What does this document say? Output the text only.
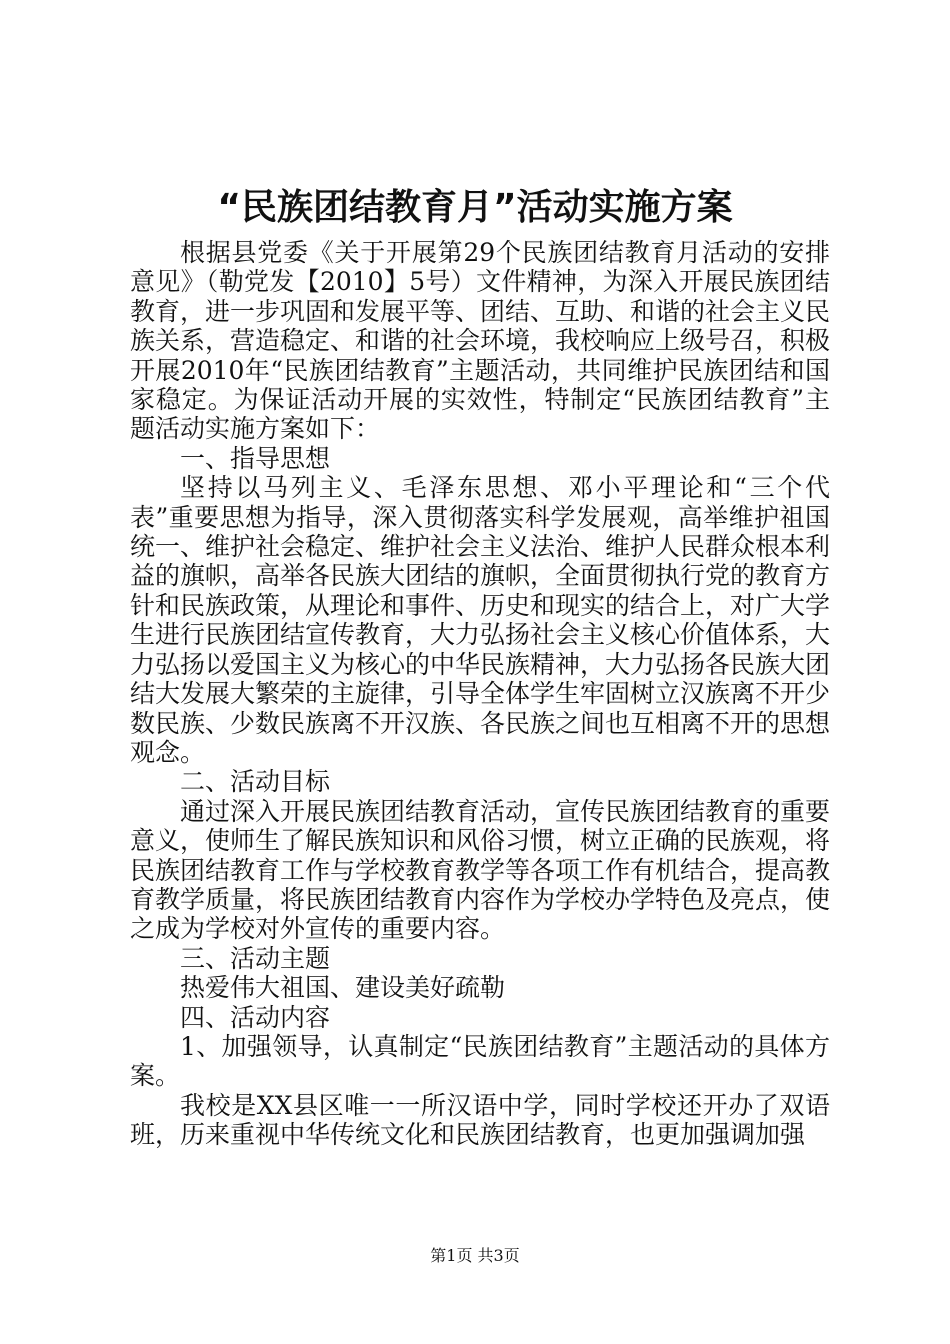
“民族团结教育月”活动实施方案

根据县党委《关于开展第29个民族团结教育月活动的安排意见》（勒党发【2010】5号）文件精神，为深入开展民族团结教育，进一步巩固和发展平等、团结、互助、和谐的社会主义民族关系，营造稳定、和谐的社会环境，我校响应上级号召，积极开展2010年“民族团结教育”主题活动，共同维护民族团结和国家稳定。为保证活动开展的实效性，特制定“民族团结教育”主题活动实施方案如下：

一、指导思想

坚持以马列主义、毛泽东思想、邓小平理论和“三个代表”重要思想为指导，深入贯彻落实科学发展观，高举维护祖国统一、维护社会稳定、维护社会主义法治、维护人民群众根本利益的旗帜，高举各民族大团结的旗帜，全面贯彻执行党的教育方针和民族政策，从理论和事件、历史和现实的结合上，对广大学生进行民族团结宣传教育，大力弘扬社会主义核心价值体系，大力弘扬以爱国主义为核心的中华民族精神，大力弘扬各民族大团结大发展大繁荣的主旋律，引导全体学生牢固树立汉族离不开少数民族、少数民族离不开汉族、各民族之间也互相离不开的思想观念。

二、活动目标

通过深入开展民族团结教育活动，宣传民族团结教育的重要意义，使师生了解民族知识和风俗习惯，树立正确的民族观，将民族团结教育工作与学校教育教学等各项工作有机结合，提高教育教学质量，将民族团结教育内容作为学校办学特色及亮点，使之成为学校对外宣传的重要内容。

三、活动主题

热爱伟大祖国、建设美好疏勒

四、活动内容

1、加强领导，认真制定“民族团结教育”主题活动的具体方案。

我校是XX县区唯一一所汉语中学，同时学校还开办了双语班，历来重视中华传统文化和民族团结教育，也更加强调加强

第1页 共3页
